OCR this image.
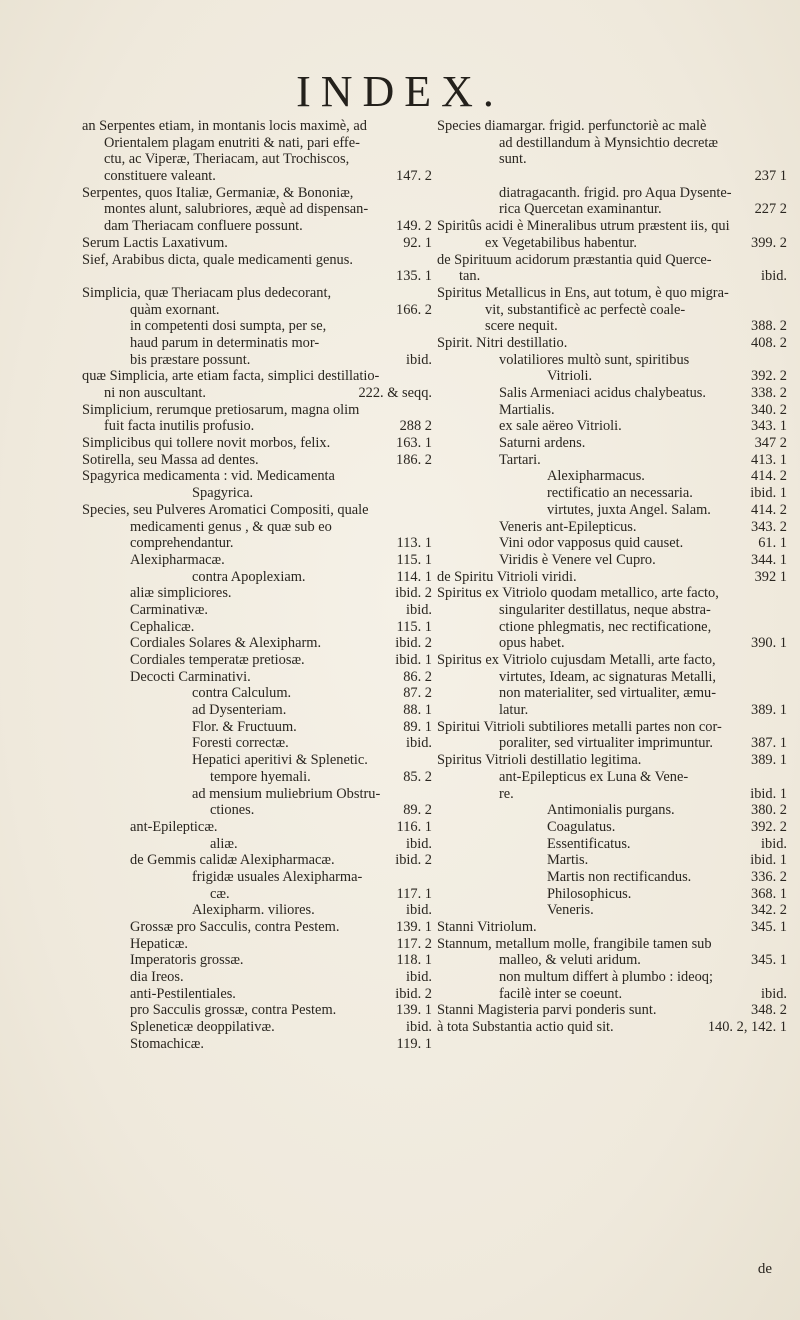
INDEX.
an Serpentes etiam, in montanis locis maximè, ad
Orientalem plagam enutriti & nati, pari effe-
ctu, ac Viperæ, Theriacam, aut Trochiscos,
constituere valeant.	147. 2
Serpentes, quos Italiæ, Germaniæ, & Bononiæ,
montes alunt, salubriores, æquè ad dispensan-
dam Theriacam confluere possunt.	149. 2
Serum Lactis Laxativum.	92. 1
Sief, Arabibus dicta, quale medicamenti genus.
135. 1
Simplicia, quæ Theriacam plus dedecorant,
quàm exornant.	166. 2
in competenti dosi sumpta, per se,
haud parum in determinatis mor-
bis præstare possunt.	ibid.
quæ Simplicia, arte etiam facta, simplici destillatio-
ni non auscultant.	222. & seqq.
Simplicium, rerumque pretiosarum, magna olim
fuit facta inutilis profusio.	288 2
Simplicibus qui tollere novit morbos, felix.	163. 1
Sotirella, seu Massa ad dentes.	186. 2
Spagyrica medicamenta : vid. Medicamenta
Spagyrica.
Species, seu Pulveres Aromatici Compositi, quale
medicamenti genus , & quæ sub eo
comprehendantur.	113. 1
Alexipharmacæ.	115. 1
contra Apoplexiam.	114. 1
aliæ simpliciores.	ibid. 2
Carminativæ.	ibid.
Cephalicæ.	115. 1
Cordiales Solares & Alexipharm.	ibid. 2
Cordiales temperatæ pretiosæ.	ibid. 1
Decocti Carminativi.	86. 2
contra Calculum.	87. 2
ad Dysenteriam.	88. 1
Flor. & Fructuum.	89. 1
Foresti correctæ.	ibid.
Hepatici aperitivi & Splenetic.
tempore hyemali.	85. 2
ad mensium muliebrium Obstru-
ctiones.	89. 2
ant-Epilepticæ.	116. 1
aliæ.	ibid.
de Gemmis calidæ Alexipharmacæ.	ibid. 2
frigidæ usuales Alexipharma-
cæ.	117. 1
Alexipharm. viliores.	ibid.
Grossæ pro Sacculis, contra Pestem.	139. 1
Hepaticæ.	117. 2
Imperatoris grossæ.	118. 1
dia Ireos.	ibid.
anti-Pestilentiales.	ibid. 2
pro Sacculis grossæ, contra Pestem.	139. 1
Spleneticæ deoppilativæ.	ibid.
Stomachicæ.	119. 1
Species diamargar. frigid. perfunctoriè ac malè
ad destillandum à Mynsichtio decretæ
sunt.
237 1
diatragacanth. frigid. pro Aqua Dysente-
rica Quercetan examinantur.	227 2
Spiritûs acidi è Mineralibus utrum præstent iis, qui
ex Vegetabilibus habentur.	399. 2
de Spirituum acidorum præstantia quid Querce-
tan.	ibid.
Spiritus Metallicus in Ens, aut totum, è quo migra-
vit, substantificè ac perfectè coale-
scere nequit.	388. 2
Spirit. Nitri destillatio.	408. 2
volatiliores multò sunt, spiritibus
Vitrioli.	392. 2
Salis Armeniaci acidus chalybeatus.	338. 2
Martialis.	340. 2
ex sale aëreo Vitrioli.	343. 1
Saturni ardens.	347 2
Tartari.	413. 1
Alexipharmacus.	414. 2
rectificatio an necessaria.	ibid. 1
virtutes, juxta Angel. Salam.	414. 2
Veneris ant-Epilepticus.	343. 2
Vini odor vapposus quid causet.	61. 1
Viridis è Venere vel Cupro.	344. 1
de Spiritu Vitrioli viridi.	392 1
Spiritus ex Vitriolo quodam metallico, arte facto,
singulariter destillatus, neque abstra-
ctione phlegmatis, nec rectificatione,
opus habet.	390. 1
Spiritus ex Vitriolo cujusdam Metalli, arte facto,
virtutes, Ideam, ac signaturas Metalli,
non materialiter, sed virtualiter, æmu-
latur.	389. 1
Spiritui Vitrioli subtiliores metalli partes non cor-
poraliter, sed virtualiter imprimuntur.	387. 1
Spiritus Vitrioli destillatio legitima.	389. 1
ant-Epilepticus ex Luna & Vene-
re.	ibid. 1
Antimonialis purgans.	380. 2
Coagulatus.	392. 2
Essentificatus.	ibid.
Martis.	ibid. 1
Martis non rectificandus.	336. 2
Philosophicus.	368. 1
Veneris.	342. 2
Stanni Vitriolum.	345. 1
Stannum, metallum molle, frangibile tamen sub
malleo, & veluti aridum.	345. 1
non multum differt à plumbo : ideoq;
facilè inter se coeunt.	ibid.
Stanni Magisteria parvi ponderis sunt.	348. 2
à tota Substantia actio quid sit.	140. 2, 142. 1
de
